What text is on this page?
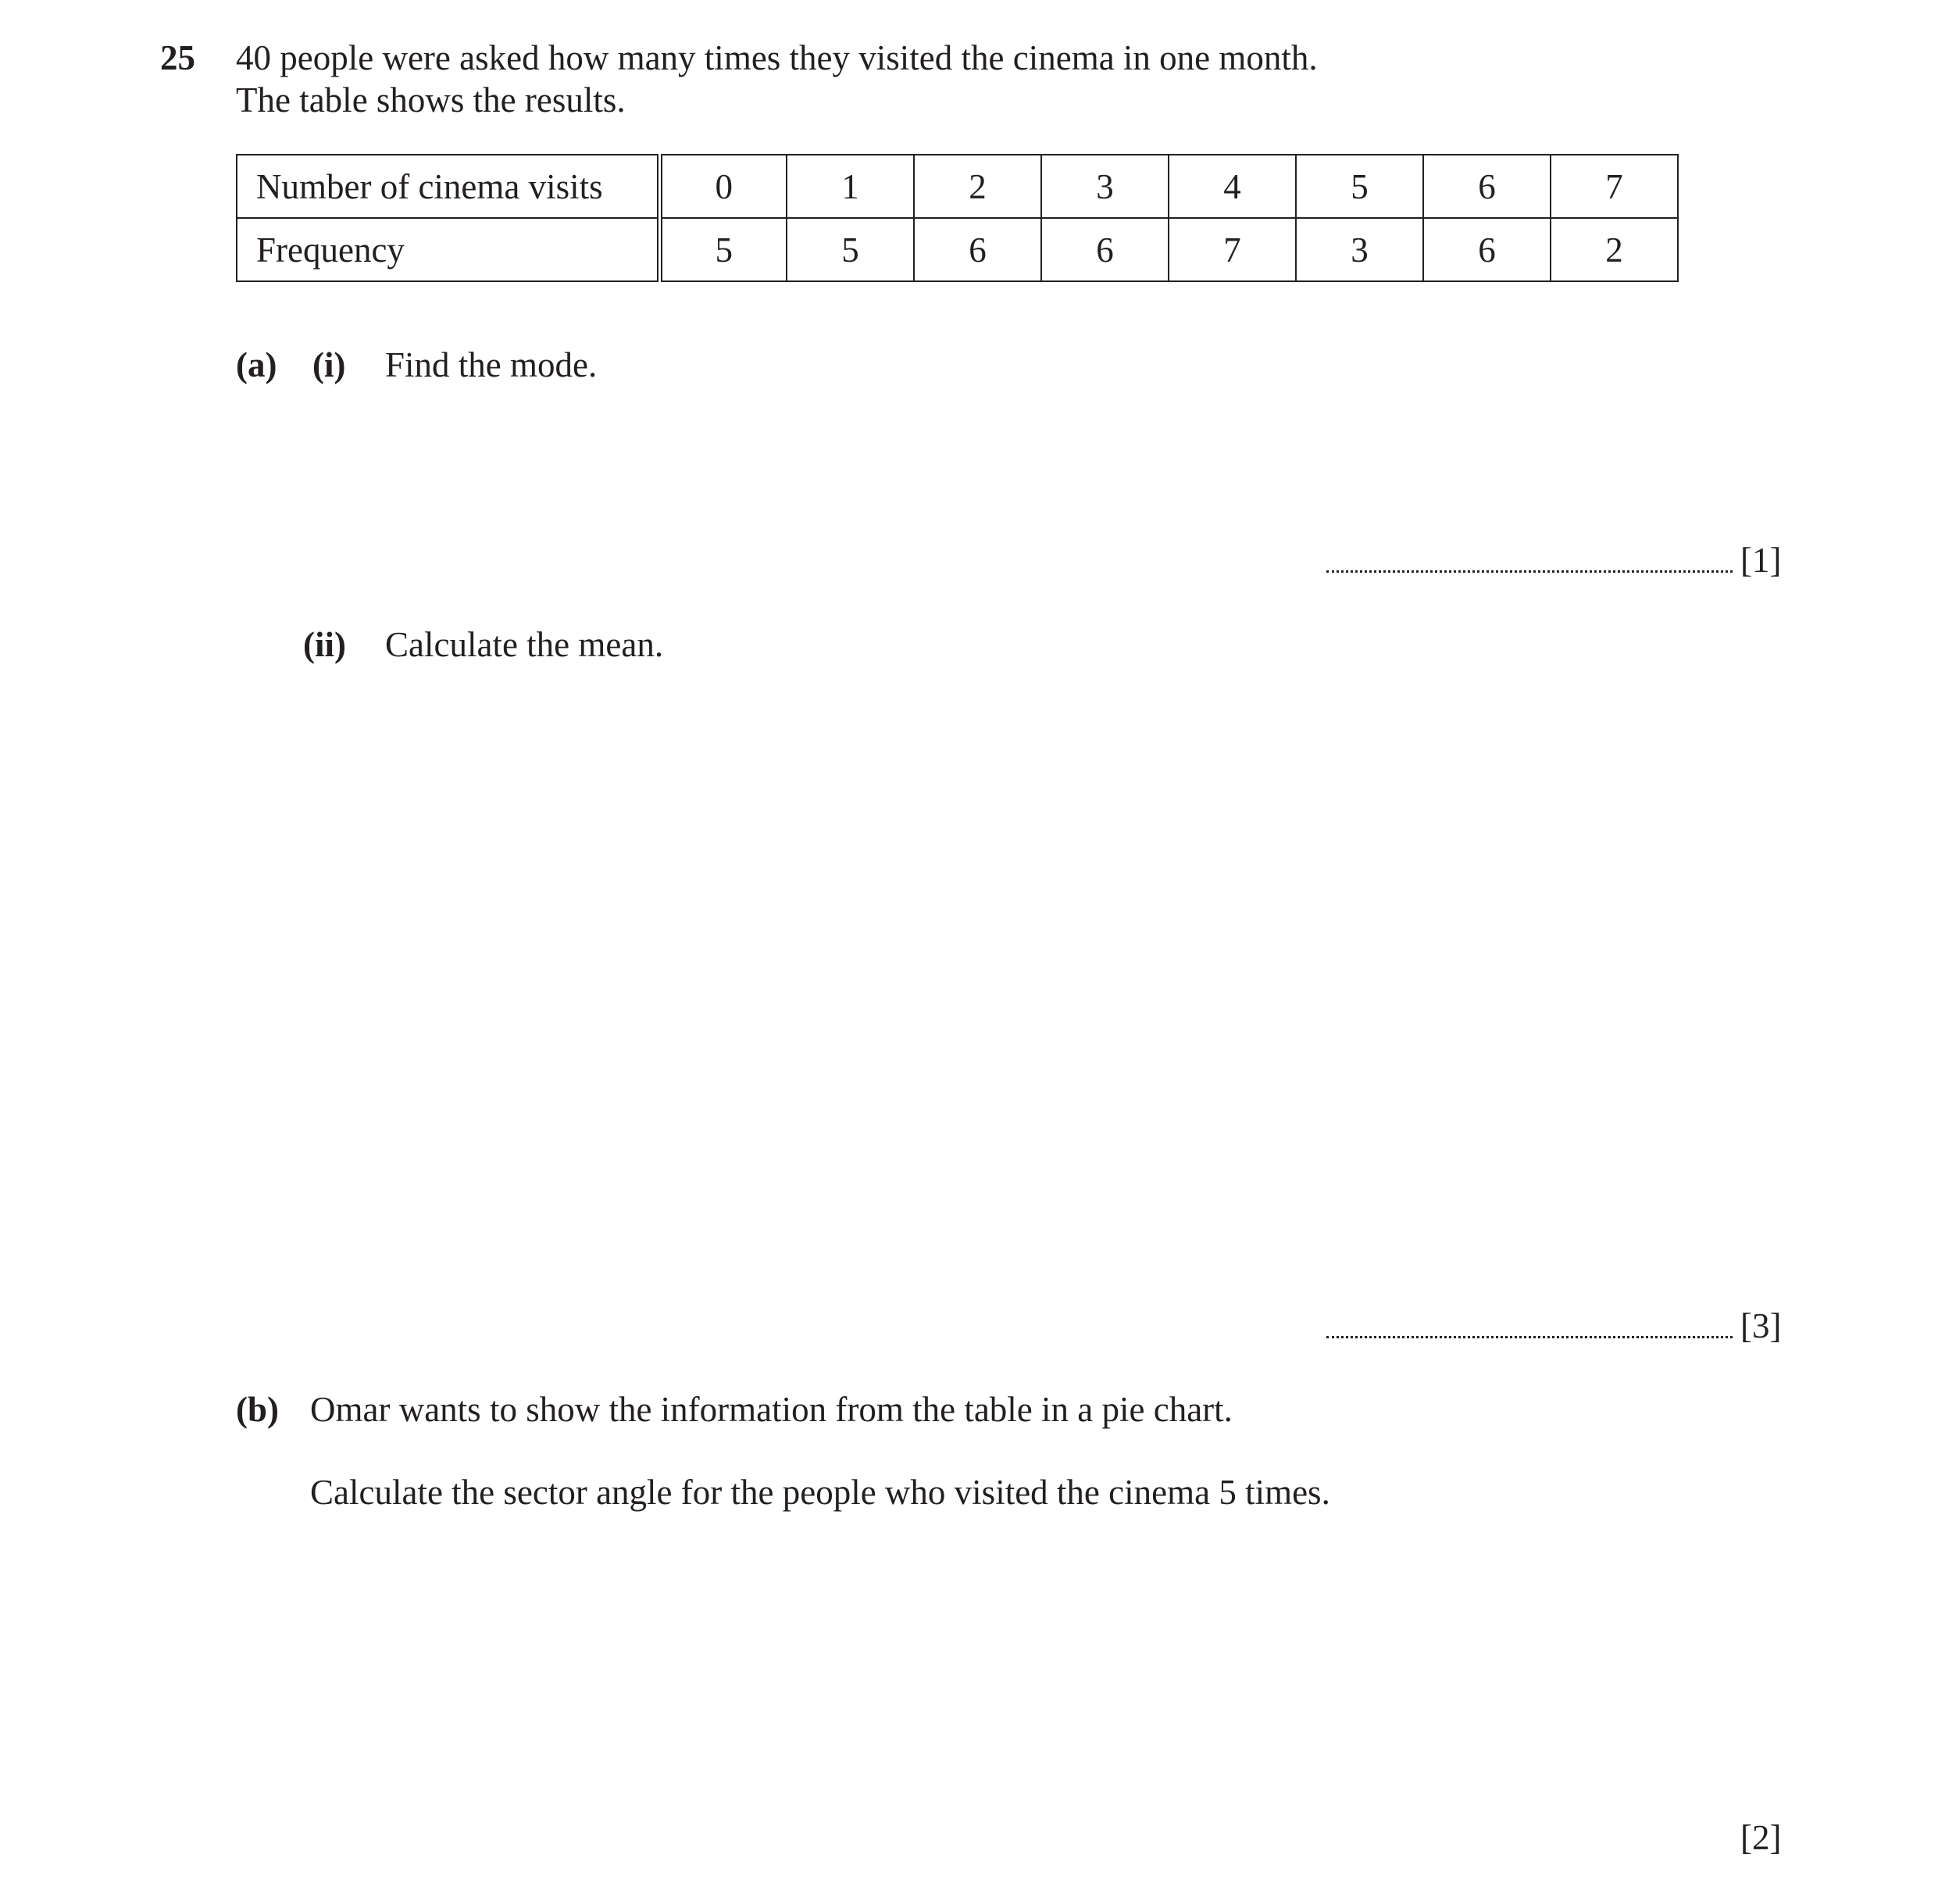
25 40 people were asked how many times they visited the cinema in one month.
The table shows the results.
Number of cinema visits	0	1	2	3	4	5	6	7
Frequency	5	5	6	6	7	3	6	2
(a) (i) Find the mode.
[1]
(ii) Calculate the mean.
[3]
(b) Omar wants to show the information from the table in a pie chart.
Calculate the sector angle for the people who visited the cinema 5 times.
[2]
